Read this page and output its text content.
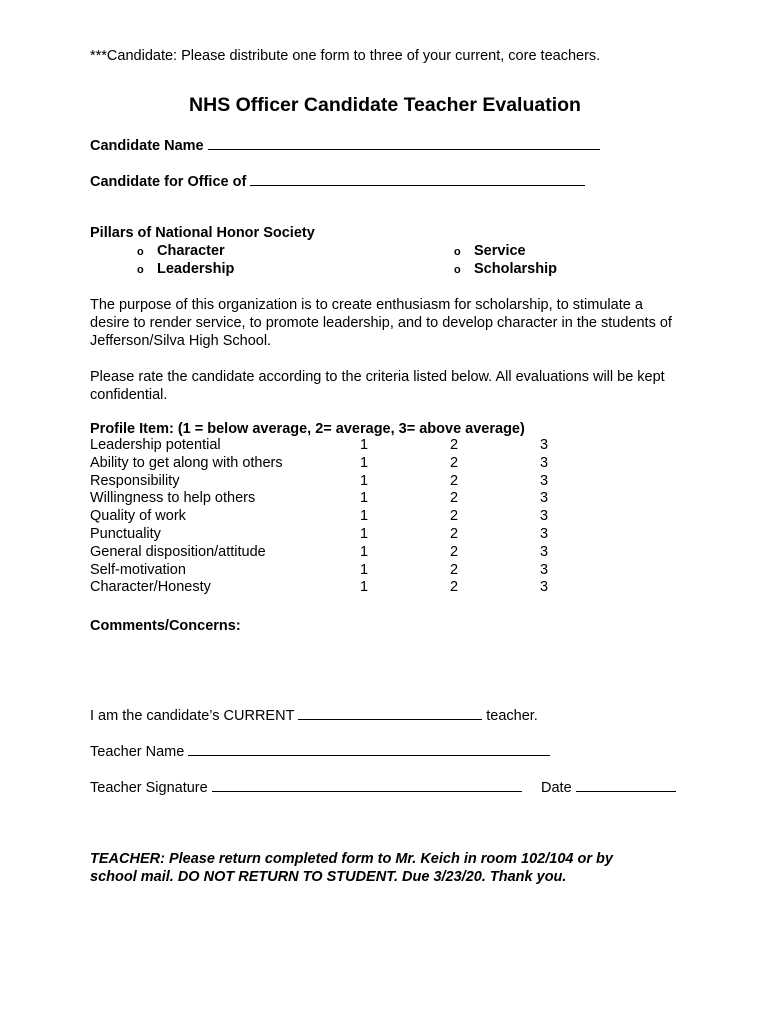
***Candidate: Please distribute one form to three of your current, core teachers.
NHS Officer Candidate Teacher Evaluation
Candidate Name
Candidate for Office of
Pillars of National Honor Society
o Character
o Leadership
o Service
o Scholarship

The purpose of this organization is to create enthusiasm for scholarship, to stimulate a desire to render service, to promote leadership, and to develop character in the students of Jefferson/Silva High School.

Please rate the candidate according to the criteria listed below. All evaluations will be kept confidential.

Profile Item: (1 = below average, 2= average, 3= above average)
Leadership potential	1	2	3
Ability to get along with others	1	2	3
Responsibility	1	2	3
Willingness to help others	1	2	3
Quality of work	1	2	3
Punctuality	1	2	3
General disposition/attitude	1	2	3
Self-motivation	1	2	3
Character/Honesty	1	2	3
Comments/Concerns:
I am the candidate’s CURRENT	teacher.
Teacher Name
Teacher Signature	Date

TEACHER: Please return completed form to Mr. Keich in room 102/104 or by school mail. DO NOT RETURN TO STUDENT. Due 3/23/20. Thank you.
